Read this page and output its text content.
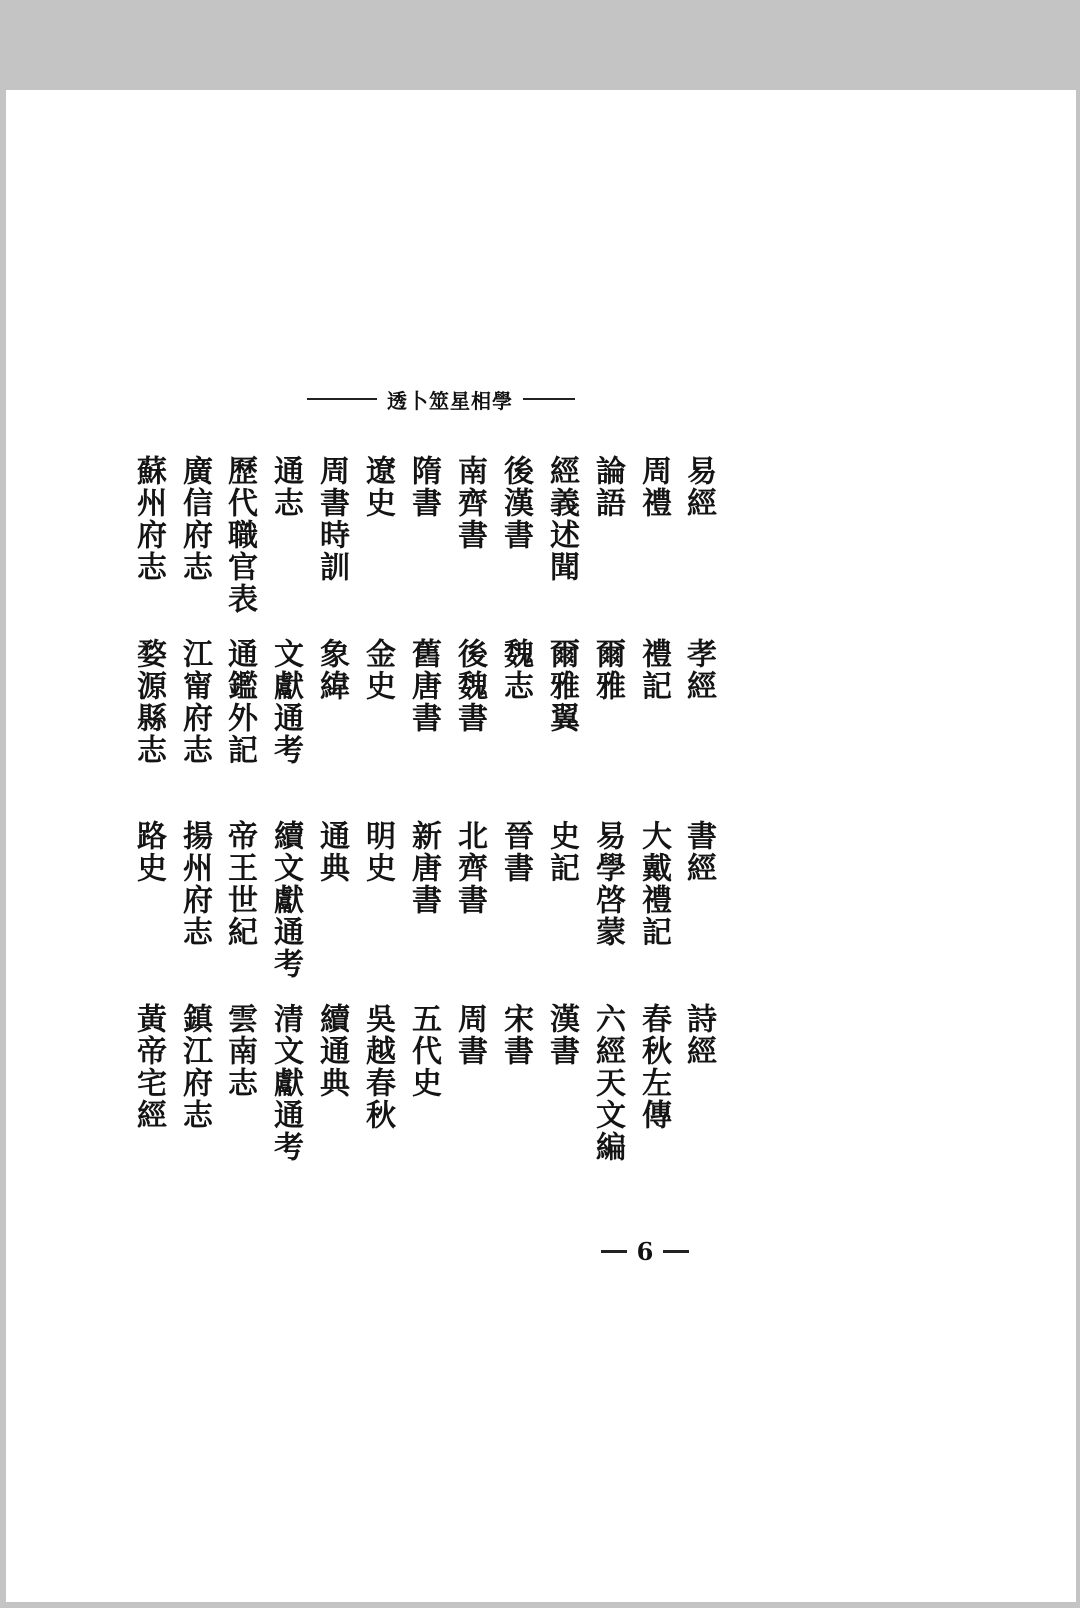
透卜筮星相學
易經
周禮
論語
經義述聞
後漢書
南齊書
隋書
遼史
周書時訓
通志
歷代職官表
廣信府志
蘇州府志
孝經
禮記
爾雅
爾雅翼
魏志
後魏書
舊唐書
金史
象緯
文獻通考
通鑑外記
江甯府志
婺源縣志
書經
大戴禮記
易學啓蒙
史記
晉書
北齊書
新唐書
明史
通典
續文獻通考
帝王世紀
揚州府志
路史
詩經
春秋左傳
六經天文編
漢書
宋書
周書
五代史
吳越春秋
續通典
清文獻通考
雲南志
鎮江府志
黃帝宅經
6
